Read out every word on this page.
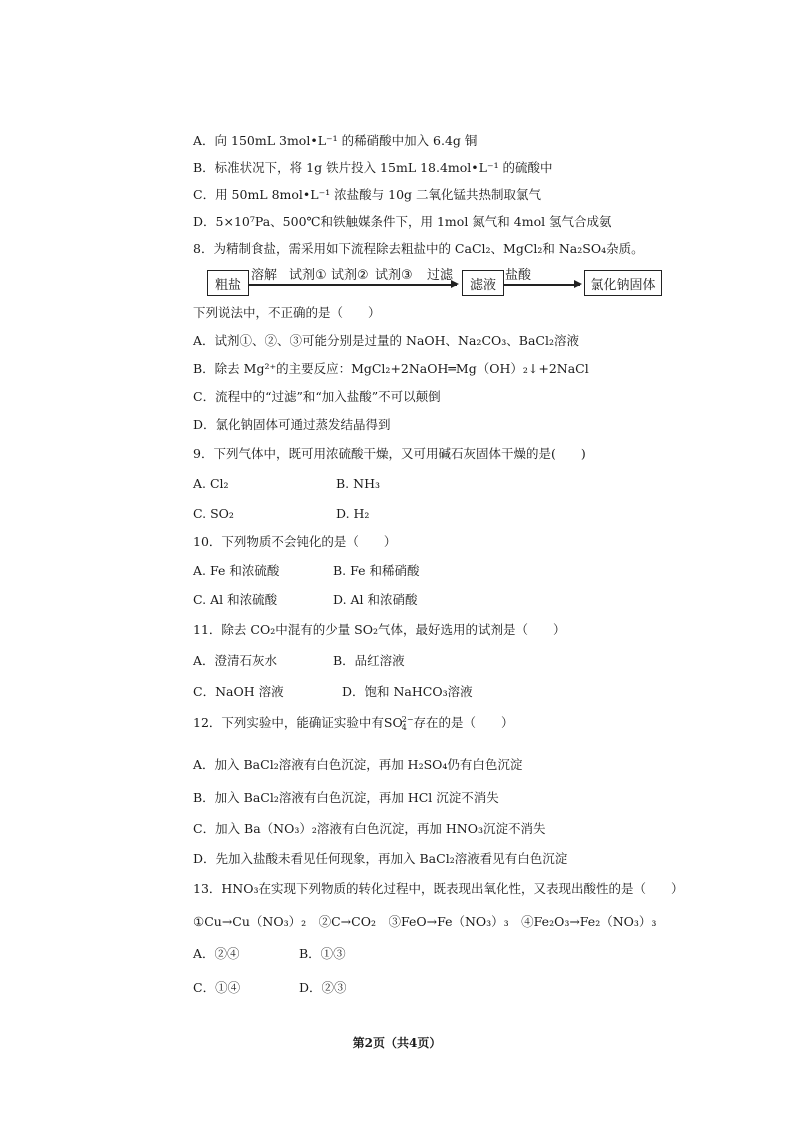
A．向 150mL 3mol•L⁻¹ 的稀硝酸中加入 6.4g 铜
B．标准状况下，将 1g 铁片投入 15mL 18.4mol•L⁻¹ 的硫酸中
C．用 50mL 8mol•L⁻¹ 浓盐酸与 10g 二氧化锰共热制取氯气
D．5×10⁷Pa、500℃和铁触媒条件下，用 1mol 氮气和 4mol 氢气合成氨
8．为精制食盐，需采用如下流程除去粗盐中的 CaCl₂、MgCl₂和 Na₂SO₄杂质。
粗盐
溶解 试剂① 试剂② 试剂③ 过滤
滤液
盐酸
氯化钠固体
下列说法中，不正确的是（　　）
A．试剂①、②、③可能分别是过量的 NaOH、Na₂CO₃、BaCl₂溶液
B．除去 Mg²⁺的主要反应：MgCl₂+2NaOH═Mg（OH）₂↓+2NaCl
C．流程中的“过滤”和“加入盐酸”不可以颠倒
D．氯化钠固体可通过蒸发结晶得到
9．下列气体中，既可用浓硫酸干燥，又可用碱石灰固体干燥的是(　　)
A. Cl₂	B. NH₃
C. SO₂	D. H₂
10．下列物质不会钝化的是（　　）
A. Fe 和浓硫酸	B. Fe 和稀硝酸
C. Al 和浓硫酸	D. Al 和浓硝酸
11．除去 CO₂中混有的少量 SO₂气体，最好选用的试剂是（　　）
A．澄清石灰水	B．品红溶液
C．NaOH 溶液	D．饱和 NaHCO₃溶液
12．下列实验中，能确证实验中有SO2−
4 存在的是（　　）
A．加入 BaCl₂溶液有白色沉淀，再加 H₂SO₄仍有白色沉淀
B．加入 BaCl₂溶液有白色沉淀，再加 HCl 沉淀不消失
C．加入 Ba（NO₃）₂溶液有白色沉淀，再加 HNO₃沉淀不消失
D．先加入盐酸未看见任何现象，再加入 BaCl₂溶液看见有白色沉淀
13．HNO₃在实现下列物质的转化过程中，既表现出氧化性，又表现出酸性的是（　　）
①Cu→Cu（NO₃）₂　②C→CO₂　③FeO→Fe（NO₃）₃　④Fe₂O₃→Fe₂（NO₃）₃
A．②④	B．①③
C．①④	D．②③
第2页（共4页）
